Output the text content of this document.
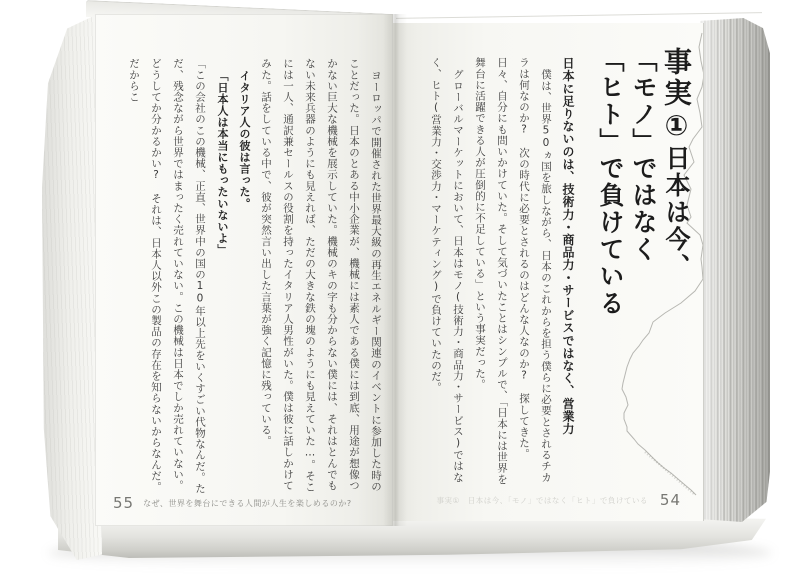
事実①日本は今、
「モノ」ではなく
「ヒト」で負けている

日本に足りないのは、技術力・商品力・サービスではなく、営業力

僕は、世界50ヵ国を旅しながら、日本のこれからを担う僕らに必要とされるチカラは何なのか?　次の時代に必要とされるのはどんな人なのか?　探してきた。日々、自分にも問いかけていた。そして気づいたことはシンプルで、「日本には世界を舞台に活躍できる人が圧倒的に不足している」という事実だった。

グローバルマーケットにおいて、日本はモノ(技術力・商品力・サービス)ではなく、ヒト(営業力・交渉力・マーケティング)で負けていたのだ。

事実①　日本は今、「モノ」ではなく「ヒト」で負けている 54

ヨーロッパで開催された世界最大級の再生エネルギー関連のイベントに参加した時のことだった。日本のとある中小企業が、機械には素人である僕には到底、用途が想像つかない巨大な機械を展示していた。機械のキの字も分からない僕には、それはとんでもない未来兵器のようにも見えれば、ただの大きな鉄の塊のようにも見えていた…。そこには一人、通訳兼セールスの役割を持ったイタリア人男性がいた。僕は彼に話しかけてみた。話をしている中で、彼が突然言い出した言葉が強く記憶に残っている。

イタリア人の彼は言った。

「日本人は本当にもったいないよ」

「この会社のこの機械、正直、世界中の国の10年以上先をいくすごい代物なんだ。ただ、残念ながら世界ではまったく売れていない。この機械は日本でしか売れていない。どうしてか分かるかい?　それは、日本人以外この製品の存在を知らないからなんだ。だからこ

55 なぜ、世界を舞台にできる人間が人生を楽しめるのか?
